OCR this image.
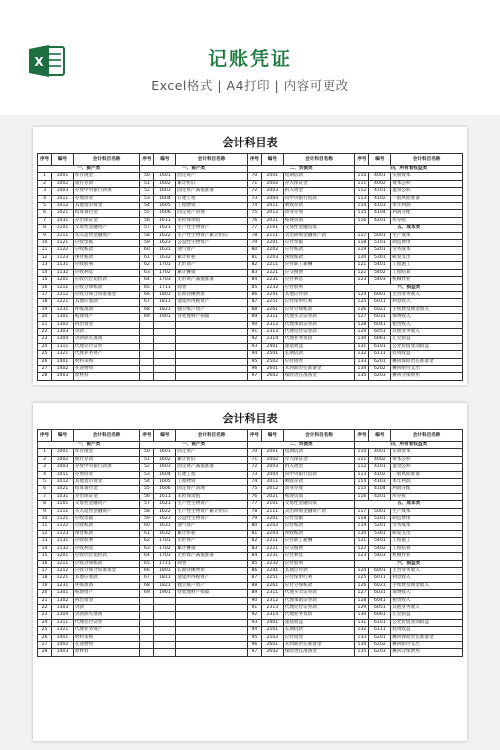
X	记账凭证
Excel格式 | A4打印 | 内容可更改
会计科目表
序号	编号	会计科目名称	序号	编号	会计科目名称	序号	编号	会计科目名称	序号	编号	会计科目名称
一、资产类			一、资产类			二、负债类			四、所有者权益类		
1	1001	库存现金	50	1601	固定资产	70	2001	短期借款	110	4001	实收资本
2	1002	银行存款	51	1602	累计折旧	71	2002	存入保证金	111	4002	资本公积
3	1003	存放中央银行款项	52	1603	固定资产减值准备	72	2003	拆入资金	112	4101	盈余公积
4	1011	存放同业	53	1604	在建工程	73	2004	向中央银行借款	113	4102	一般风险准备
5	1012	其他货币资金	54	1605	工程物资	74	2011	吸收存款	114	4103	本年利润
6	1021	结算备付金	55	1606	固定资产清理	75	2012	同业存放	115	4104	利润分配
7	1031	存出保证金	56	1611	未担保余值	76	2021	贴现负债	116	4201	库存股
8	1101	交易性金融资产	57	1621	生产性生物资产	77	2101	交易性金融负债	五、成本类		
9	1111	买入返售金融资产	58	1622	生产性生物资产累计折旧	78	2111	卖出回购金融资产款	117	5001	生产成本
10	1121	应收票据	59	1623	公益性生物资产	79	2201	应付票据	118	5101	制造费用
11	1122	应收账款	60	1631	油气资产	80	2202	应付账款	119	5201	劳务成本
12	1123	预付账款	61	1632	累计折耗	81	2203	预收账款	120	5301	研发支出
13	1131	应收股利	62	1701	无形资产	82	2211	应付职工薪酬	121	5401	工程施工
14	1132	应收利息	63	1702	累计摊销	83	2221	应交税费	122	5402	工程结算
15	1201	应收代位追偿款	64	1703	无形资产减值准备	84	2231	应付利息	123	5403	机械作业
16	1211	应收分保账款	65	1711	商誉	85	2232	应付股利	六、损益类		
17	1212	应收分保合同准备金	66	1801	长期待摊费用	86	2241	其他应付款	124	6001	主营业务收入
18	1221	其他应收款	67	1811	递延所得税资产	87	2251	应付保单红利	125	6011	利息收入
19	1231	坏账准备	68	1821	独立账户资产	88	2261	应付分保账款	126	6021	手续费及佣金收入
20	1301	贴现资产	69	1901	待处理财产损溢	89	2311	代理买卖证券款	127	6031	保费收入
21	1302	拆出资金				90	2312	代理承销证券款	128	6041	租赁收入
22	1303	贷款				91	2313	代理兑付证券款	129	6051	其他业务收入
23	1304	贷款损失准备				92	2314	代理业务负债	130	6061	汇兑损益
24	1311	代理兑付证券				93	2401	递延收益	131	6101	公允价值变动损益
25	1321	代理业务资产				94	2501	长期借款	132	6111	投资收益
26	1401	材料采购				95	2502	应付债券	133	6201	摊回保险责任准备金
27	1402	在途物资				96	2601	未到期责任准备金	134	6202	摊回赔付支出
28	1403	原材料				97	2602	保险责任准备金	135	6203	摊回分保费用
会计科目表
序号	编号	会计科目名称	序号	编号	会计科目名称	序号	编号	会计科目名称	序号	编号	会计科目名称
一、资产类			一、资产类			二、负债类			四、所有者权益类		
1	1001	库存现金	50	1601	固定资产	70	2001	短期借款	110	4001	实收资本
2	1002	银行存款	51	1602	累计折旧	71	2002	存入保证金	111	4002	资本公积
3	1003	存放中央银行款项	52	1603	固定资产减值准备	72	2003	拆入资金	112	4101	盈余公积
4	1011	存放同业	53	1604	在建工程	73	2004	向中央银行借款	113	4102	一般风险准备
5	1012	其他货币资金	54	1605	工程物资	74	2011	吸收存款	114	4103	本年利润
6	1021	结算备付金	55	1606	固定资产清理	75	2012	同业存放	115	4104	利润分配
7	1031	存出保证金	56	1611	未担保余值	76	2021	贴现负债	116	4201	库存股
8	1101	交易性金融资产	57	1621	生产性生物资产	77	2101	交易性金融负债	五、成本类		
9	1111	买入返售金融资产	58	1622	生产性生物资产累计折旧	78	2111	卖出回购金融资产款	117	5001	生产成本
10	1121	应收票据	59	1623	公益性生物资产	79	2201	应付票据	118	5101	制造费用
11	1122	应收账款	60	1631	油气资产	80	2202	应付账款	119	5201	劳务成本
12	1123	预付账款	61	1632	累计折耗	81	2203	预收账款	120	5301	研发支出
13	1131	应收股利	62	1701	无形资产	82	2211	应付职工薪酬	121	5401	工程施工
14	1132	应收利息	63	1702	累计摊销	83	2221	应交税费	122	5402	工程结算
15	1201	应收代位追偿款	64	1703	无形资产减值准备	84	2231	应付利息	123	5403	机械作业
16	1211	应收分保账款	65	1711	商誉	85	2232	应付股利	六、损益类		
17	1212	应收分保合同准备金	66	1801	长期待摊费用	86	2241	其他应付款	124	6001	主营业务收入
18	1221	其他应收款	67	1811	递延所得税资产	87	2251	应付保单红利	125	6011	利息收入
19	1231	坏账准备	68	1821	独立账户资产	88	2261	应付分保账款	126	6021	手续费及佣金收入
20	1301	贴现资产	69	1901	待处理财产损溢	89	2311	代理买卖证券款	127	6031	保费收入
21	1302	拆出资金				90	2312	代理承销证券款	128	6041	租赁收入
22	1303	贷款				91	2313	代理兑付证券款	129	6051	其他业务收入
23	1304	贷款损失准备				92	2314	代理业务负债	130	6061	汇兑损益
24	1311	代理兑付证券				93	2401	递延收益	131	6101	公允价值变动损益
25	1321	代理业务资产				94	2501	长期借款	132	6111	投资收益
26	1401	材料采购				95	2502	应付债券	133	6201	摊回保险责任准备金
27	1402	在途物资				96	2601	未到期责任准备金	134	6202	摊回赔付支出
28	1403	原材料				97	2602	保险责任准备金	135	6203	摊回分保费用
